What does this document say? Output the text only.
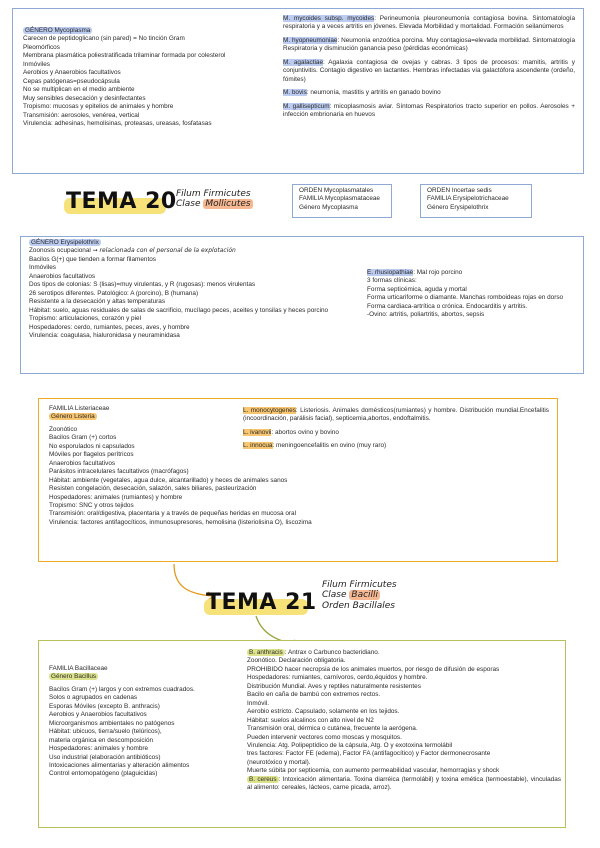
GÉNERO Mycoplasma
Carecen de peptidoglicano (sin pared) = No tinción Gram
Pleomórficos
Membrana plasmática poliestratificada trilaminar formada por colesterol
Inmóviles
Aerobios y Anaerobios facultativos
Cepas patógenas=pseudocápsula
No se multiplican en el medio ambiente
Muy sensibles desecación y desinfectantes
Tropismo: mucosas y epitelios de animales y hombre
Transmisión: aerosoles, venérea, vertical
Virulencia: adhesinas, hemolisinas, proteasas, ureasas, fosfatasas

M. mycoides subsp. mycoides: Perineumonía pleuroneumonía contagiosa bovina. Sintomatología respiratoria y a veces artritis en jóvenes. Elevada Morbilidad y mortalidad. Formación seilanúmeros

M. hyopneumoniae: Neumonía enzoótica porcina. Muy contagiosa=elevada morbilidad. Sintomatología Respiratoria y disminución ganancia peso (pérdidas económicas)

M. agalactiae: Agalaxia contagiosa de ovejas y cabras. 3 tipos de procesos: mamitis, artritis y conjuntivitis. Contagio digestivo en lactantes. Hembras infectadas vía galactófora ascendente (ordeño, fómites)

M. bovis: neumonía, mastitis y artritis en ganado bovino

M. gallisepticum: micoplasmosis aviar. Síntomas Respiratorios tracto superior en pollos. Aerosoles + infección embrionaria en huevos

TEMA 20 Filum Firmicutes
Clase Mollicutes
ORDEN Mycoplasmatales
FAMILIA Mycoplasmataceae
Género Mycoplasma
ORDEN Incertae sedis
FAMILIA Erysipelotrichaceae
Género Erysipelothrix
GÉNERO Erysipelothrix
Zoonosis ocupacional ➞ relacionada con el personal de la explotación
Bacilos G(+) que tienden a formar filamentos
Inmóviles
Anaerobios facultativos
Dos tipos de colonias: S (lisas)=muy virulentas, y R (rugosas): menos virulentas
26 serotipos diferentes. Patológico: A (porcino), B (humana)
Resistente a la desecación y altas temperaturas
Hábitat: suelo, aguas residuales de salas de sacrificio, mucílago peces, aceites y tonsilas y heces porcino
Tropismo: articulaciones, corazón y piel
Hospedadores: cerdo, rumiantes, peces, aves, y hombre
Virulencia: coagulasa, hialuronidasa y neuraminidasa
E. rhusiopathiae: Mal rojo porcino
3 formas clínicas:
Forma septicémica, aguda y mortal
Forma urticariforme o diamante. Manchas romboideas rojas en dorso
Forma cardiaca-artrítica o crónica. Endocarditis y artritis.
-Ovino: artritis, poliartritis, abortos, sepsis
FAMILIA Listeriaceae
Género Listeria
Zoonótico
Bacilos Gram (+) cortos
No esporulados ni capsulados
Móviles por flagelos perítricos
Anaerobios facultativos
Parásitos intracelulares facultativos (macrófagos)
Hábitat: ambiente (vegetales, agua dulce, alcantarillado) y heces de animales sanos
Resisten congelación, desecación, salazón, sales biliares, pasteurización
Hospedadores: animales (rumiantes) y hombre
Tropismo: SNC y otros tejidos
Transmisión: oral/digestiva, placentaria y a través de pequeñas heridas en mucosa oral
Virulencia: factores antifagocíticos, inmunosupresores, hemolisina (listeriolisina O), liscozima

L. monocytogenes: Listeriosis. Animales domésticos(rumiantes) y hombre. Distribución mundial.Encefalitis (incoordinación, parálisis facial), septicemia,abortos, endoftalmitis.

L. ivanovii: abortos ovino y bovino

L. innocua: meningoencefalitis en ovino (muy raro)

TEMA 21
Filum Firmicutes
Clase Bacilli
Orden Bacillales
FAMILIA Bacillaceae
Género Bacillus
Bacilos Gram (+) largos y con extremos cuadrados.
Solos o agrupados en cadenas
Esporas Móviles (excepto B. anthracis)
Aerobios y Anaerobios facultativos
Microorganismos ambientales no patógenos
Hábitat: ubicuos, tierra/suelo (telúricos),
materia orgánica en descomposición
Hospedadores: animales y hombre
Uso industrial (elaboración antibióticos)
Intoxicaciones alimentarias y alteración alimentos
Control entomopatógeno (plaguicidas)
B. anthracis : Antrax o Carbunco bacteridiano.
Zoonótico. Declaración obligatoria.
PROHIBIDO hacer necropsia de los animales muertos, por riesgo de difusión de esporas
Hospedadores: rumiantes, carnívoros, cerdo,équidos y hombre.
Distribución Mundial. Aves y reptiles naturalmente resistentes
Bacilo en caña de bambú con extremos rectos.
Inmóvil.
Aerobio estricto. Capsulado, solamente en los tejidos.
Hábitat: suelos alcalinos con alto nivel de N2
Transmisión oral, dérmica o cutánea, frecuente la aerógena.
Pueden intervenir vectores como moscas y mosquitos.
Virulencia: Atg. Polipeptídico de la cápsula, Atg. O y exotoxina termolábil
tres factores: Factor FE (edema), Factor FA (antifagocítico) y Factor dermonecrosante
(neurotóxico y mortal).
Muerte súbita por septicemia, con aumento permeabilidad vascular, hemorragias y shock

B. cereus : Intoxicación alimentaria. Toxina diarréica (termolábil) y toxina emética (termoestable), vinculadas al alimento: cereales, lácteos, carne picada, arroz).
